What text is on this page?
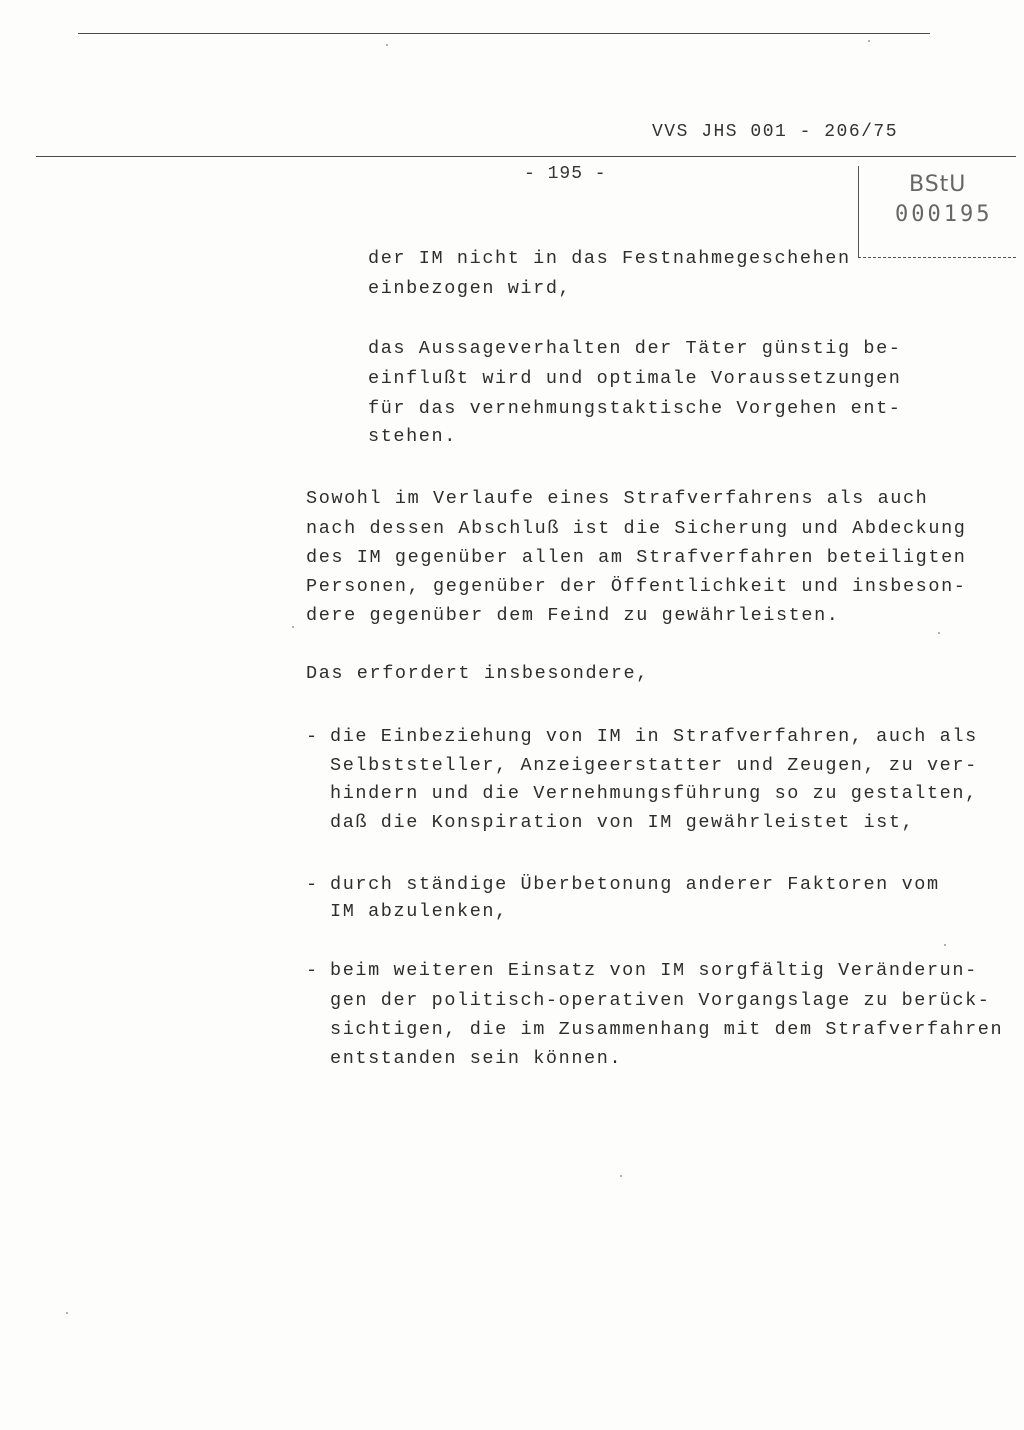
VVS JHS 001 - 206/75
- 195 -	BStU
000195
der IM nicht in das Festnahmegeschehen
einbezogen wird,
das Aussageverhalten der Täter günstig be-
einflußt wird und optimale Voraussetzungen
für das vernehmungstaktische Vorgehen ent-
stehen.
Sowohl im Verlaufe eines Strafverfahrens als auch
nach dessen Abschluß ist die Sicherung und Abdeckung
des IM gegenüber allen am Strafverfahren beteiligten
Personen, gegenüber der Öffentlichkeit und insbeson-
dere gegenüber dem Feind zu gewährleisten.
Das erfordert insbesondere,
- die Einbeziehung von IM in Strafverfahren, auch als
Selbststeller, Anzeigeerstatter und Zeugen, zu ver-
hindern und die Vernehmungsführung so zu gestalten,
daß die Konspiration von IM gewährleistet ist,
- durch ständige Überbetonung anderer Faktoren vom
IM abzulenken,
- beim weiteren Einsatz von IM sorgfältig Veränderun-
gen der politisch-operativen Vorgangslage zu berück-
sichtigen, die im Zusammenhang mit dem Strafverfahren
entstanden sein können.
